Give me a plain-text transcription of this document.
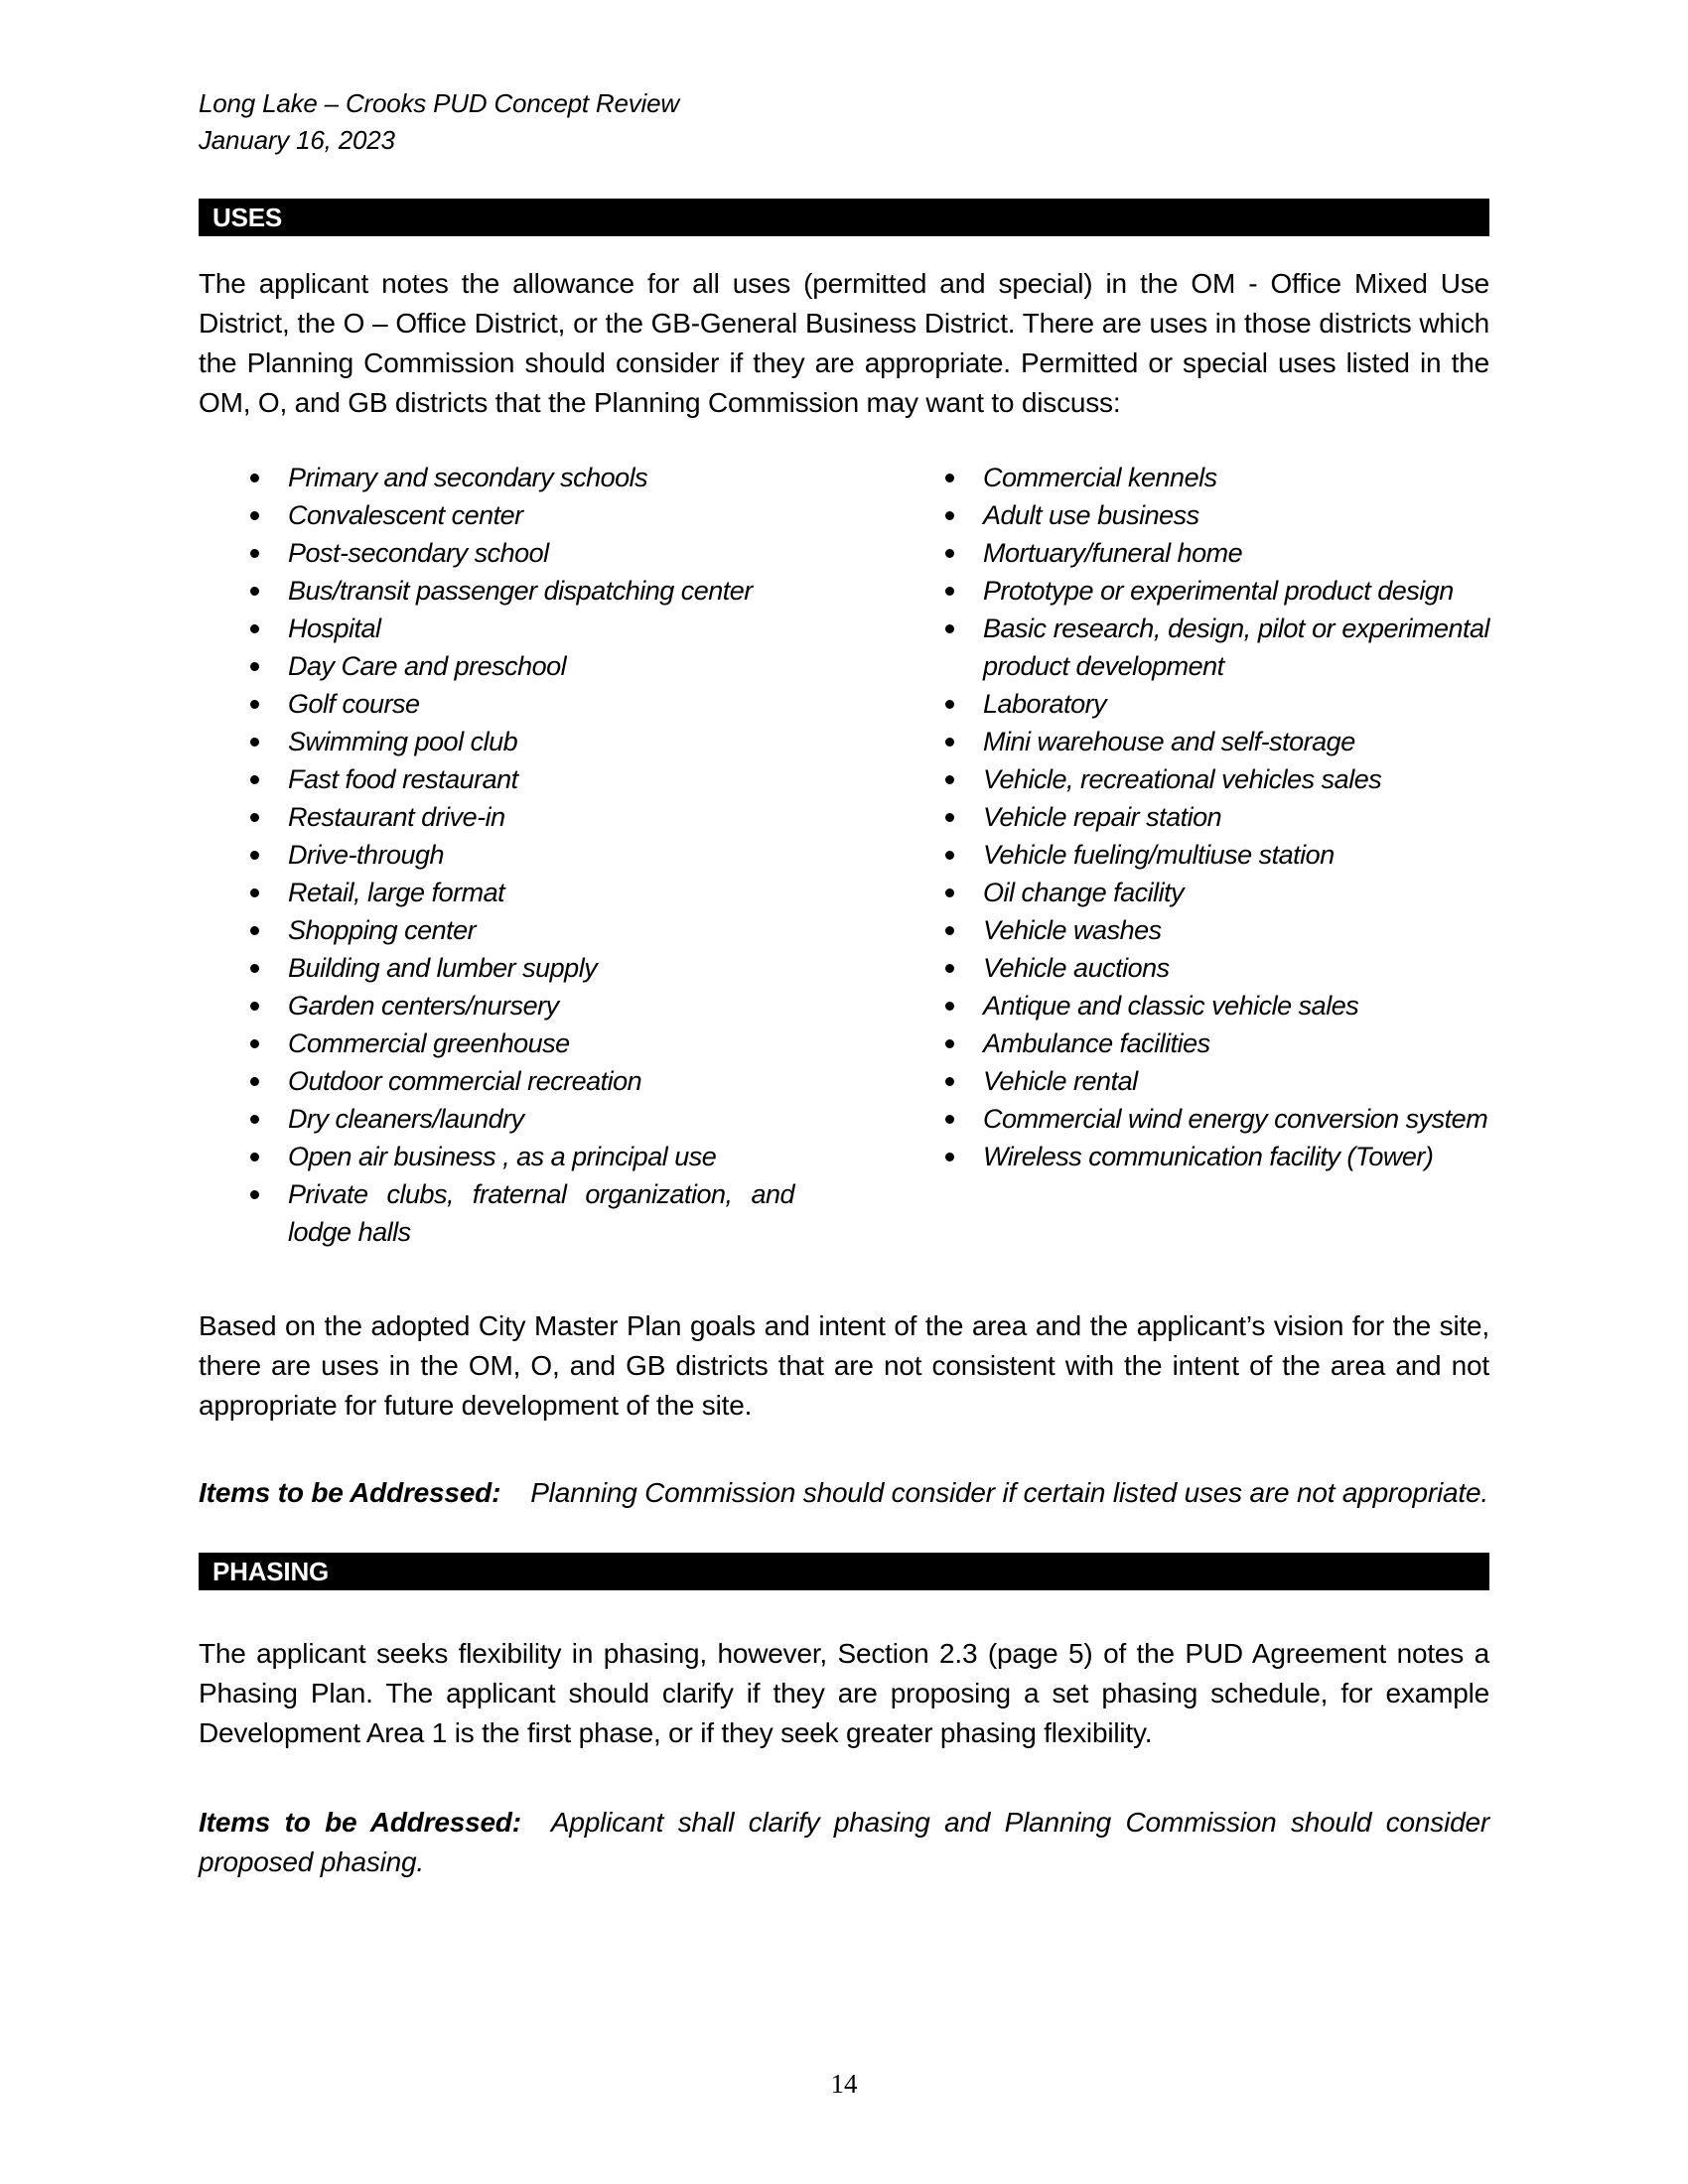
Long Lake – Crooks PUD Concept Review

January 16, 2023

USES

The applicant notes the allowance for all uses (permitted and special) in the OM - Office Mixed Use District, the O – Office District, or the GB-General Business District. There are uses in those districts which the Planning Commission should consider if they are appropriate. Permitted or special uses listed in the OM, O, and GB districts that the Planning Commission may want to discuss:

Primary and secondary schools
Convalescent center
Post-secondary school
Bus/transit passenger dispatching center
Hospital
Day Care and preschool
Golf course
Swimming pool club
Fast food restaurant
Restaurant drive-in
Drive-through
Retail, large format
Shopping center
Building and lumber supply
Garden centers/nursery
Commercial greenhouse
Outdoor commercial recreation
Dry cleaners/laundry
Open air business , as a principal use
Private clubs, fraternal organization, and lodge halls
Commercial kennels
Adult use business
Mortuary/funeral home
Prototype or experimental product design
Basic research, design, pilot or experimental product development
Laboratory
Mini warehouse and self-storage
Vehicle, recreational vehicles sales
Vehicle repair station
Vehicle fueling/multiuse station
Oil change facility
Vehicle washes
Vehicle auctions
Antique and classic vehicle sales
Ambulance facilities
Vehicle rental
Commercial wind energy conversion system
Wireless communication facility (Tower)

Based on the adopted City Master Plan goals and intent of the area and the applicant’s vision for the site, there are uses in the OM, O, and GB districts that are not consistent with the intent of the area and not appropriate for future development of the site.

Items to be Addressed: Planning Commission should consider if certain listed uses are not appropriate.

PHASING

The applicant seeks flexibility in phasing, however, Section 2.3 (page 5) of the PUD Agreement notes a Phasing Plan. The applicant should clarify if they are proposing a set phasing schedule, for example Development Area 1 is the first phase, or if they seek greater phasing flexibility.

Items to be Addressed: Applicant shall clarify phasing and Planning Commission should consider proposed phasing.

14
